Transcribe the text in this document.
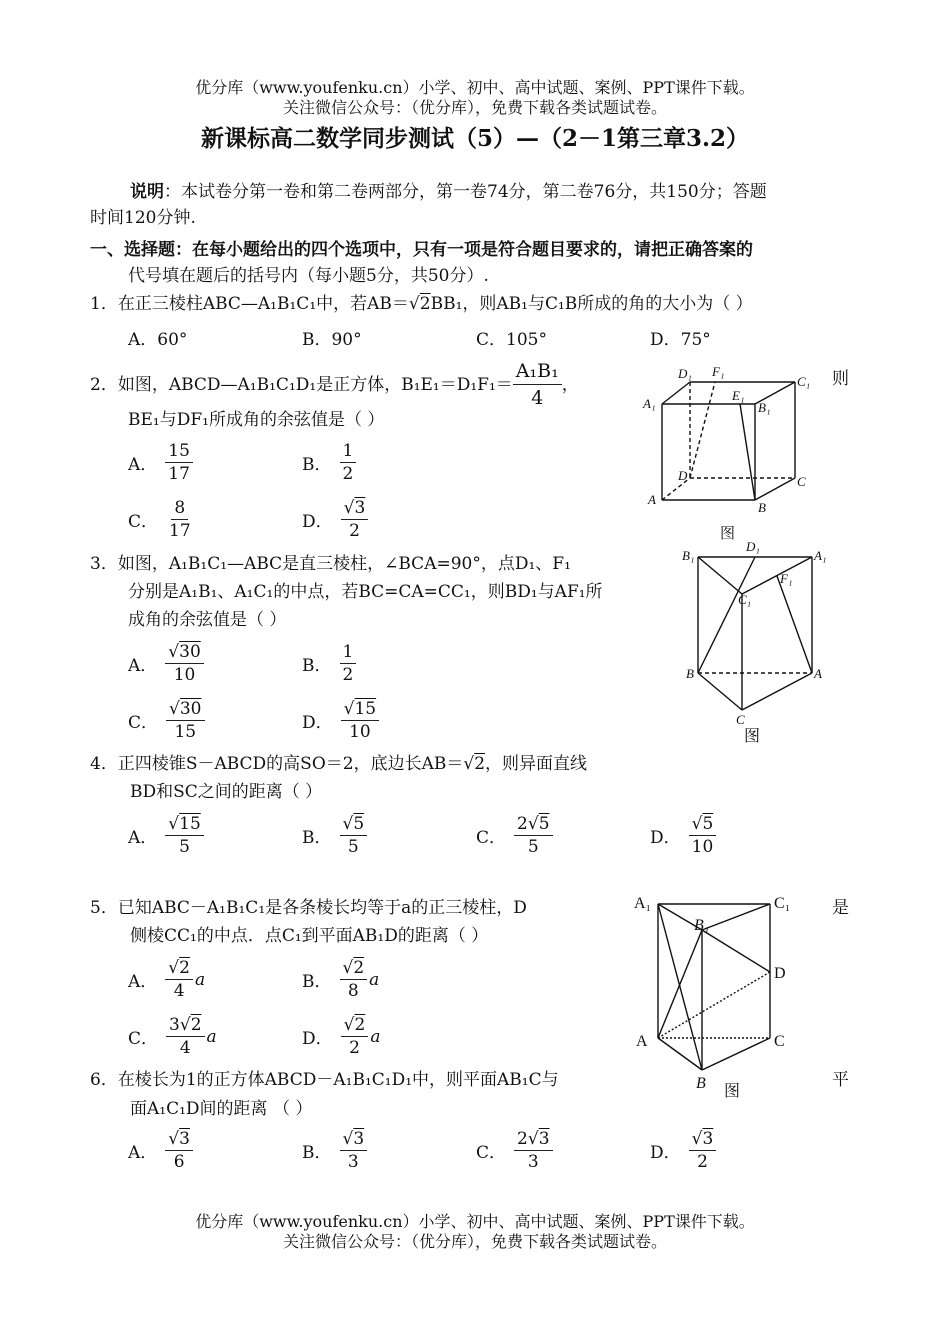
优分库（www.youfenku.cn）小学、初中、高中试题、案例、PPT课件下载。
关注微信公众号：（优分库），免费下载各类试题试卷。
新课标高二数学同步测试（5）—（2－1第三章3.2）
说明：本试卷分第一卷和第二卷两部分，第一卷74分，第二卷76分，共150分；答题
时间120分钟.
一、选择题：在每小题给出的四个选项中，只有一项是符合题目要求的，请把正确答案的
代号填在题后的括号内（每小题5分，共50分）.
1．在正三棱柱ABC—A₁B₁C₁中，若AB＝√2BB₁，则AB₁与C₁B所成的角的大小为（ ）
A．60°	B．90°	C．105°	D．75°
2．如图，ABCD—A₁B₁C₁D₁是正方体，$B_1E_1=D_1F_1= \frac{\text{A₁B₁}}{4}$ ，	则
BE₁与DF₁所成角的余弦值是（ ）
A． $\frac{15}{17}$	B． $\frac{1}{2}$
C． $\frac{8}{17}$	D． $\frac{√3}{2}$
D₁ F₁
C₁
A₁
E₁
B₁
D	C
A
B
图
3．如图，A₁B₁C₁—ABC是直三棱柱，∠BCA=90°，点D₁、F₁
分别是A₁B₁、A₁C₁的中点，若BC=CA=CC₁，则BD₁与AF₁所
成角的余弦值是（ ）
A． $\frac{√30}{10}$	B． $\frac{1}{2}$
C． $\frac{√30}{15}$	D． $\frac{√15}{10}$
B₁
D₁
A₁
F₁
C₁
B	A
C
图
4．正四棱锥S－ABCD的高SO＝2，底边长AB＝√2，则异面直线
BD和SC之间的距离（ ）
A． $\frac{√15}{5}$	B． $\frac{√5}{5}$	C． $\frac{2√5}{5}$	D． $\frac{√5}{10}$
5．已知ABC－A₁B₁C₁是各条棱长均等于a的正三棱柱，D	是
侧棱CC₁的中点．点C₁到平面AB₁D的距离（ ）
A． $\frac{√2}{4}$ a	B． $\frac{√2}{8}$ a
C． $\frac{3√2}{4}$ a	D． $\frac{√2}{2}$ a
A₁	C₁
B₁
D
A	C
B 图
6．在棱长为1的正方体ABCD－A₁B₁C₁D₁中，则平面AB₁C与	平
面A₁C₁D间的距离 （ ）
A． $\frac{√3}{6}$	B． $\frac{√3}{3}$	C． $\frac{2√3}{3}$	D． $\frac{√3}{2}$
优分库（www.youfenku.cn）小学、初中、高中试题、案例、PPT课件下载。
关注微信公众号：（优分库），免费下载各类试题试卷。
